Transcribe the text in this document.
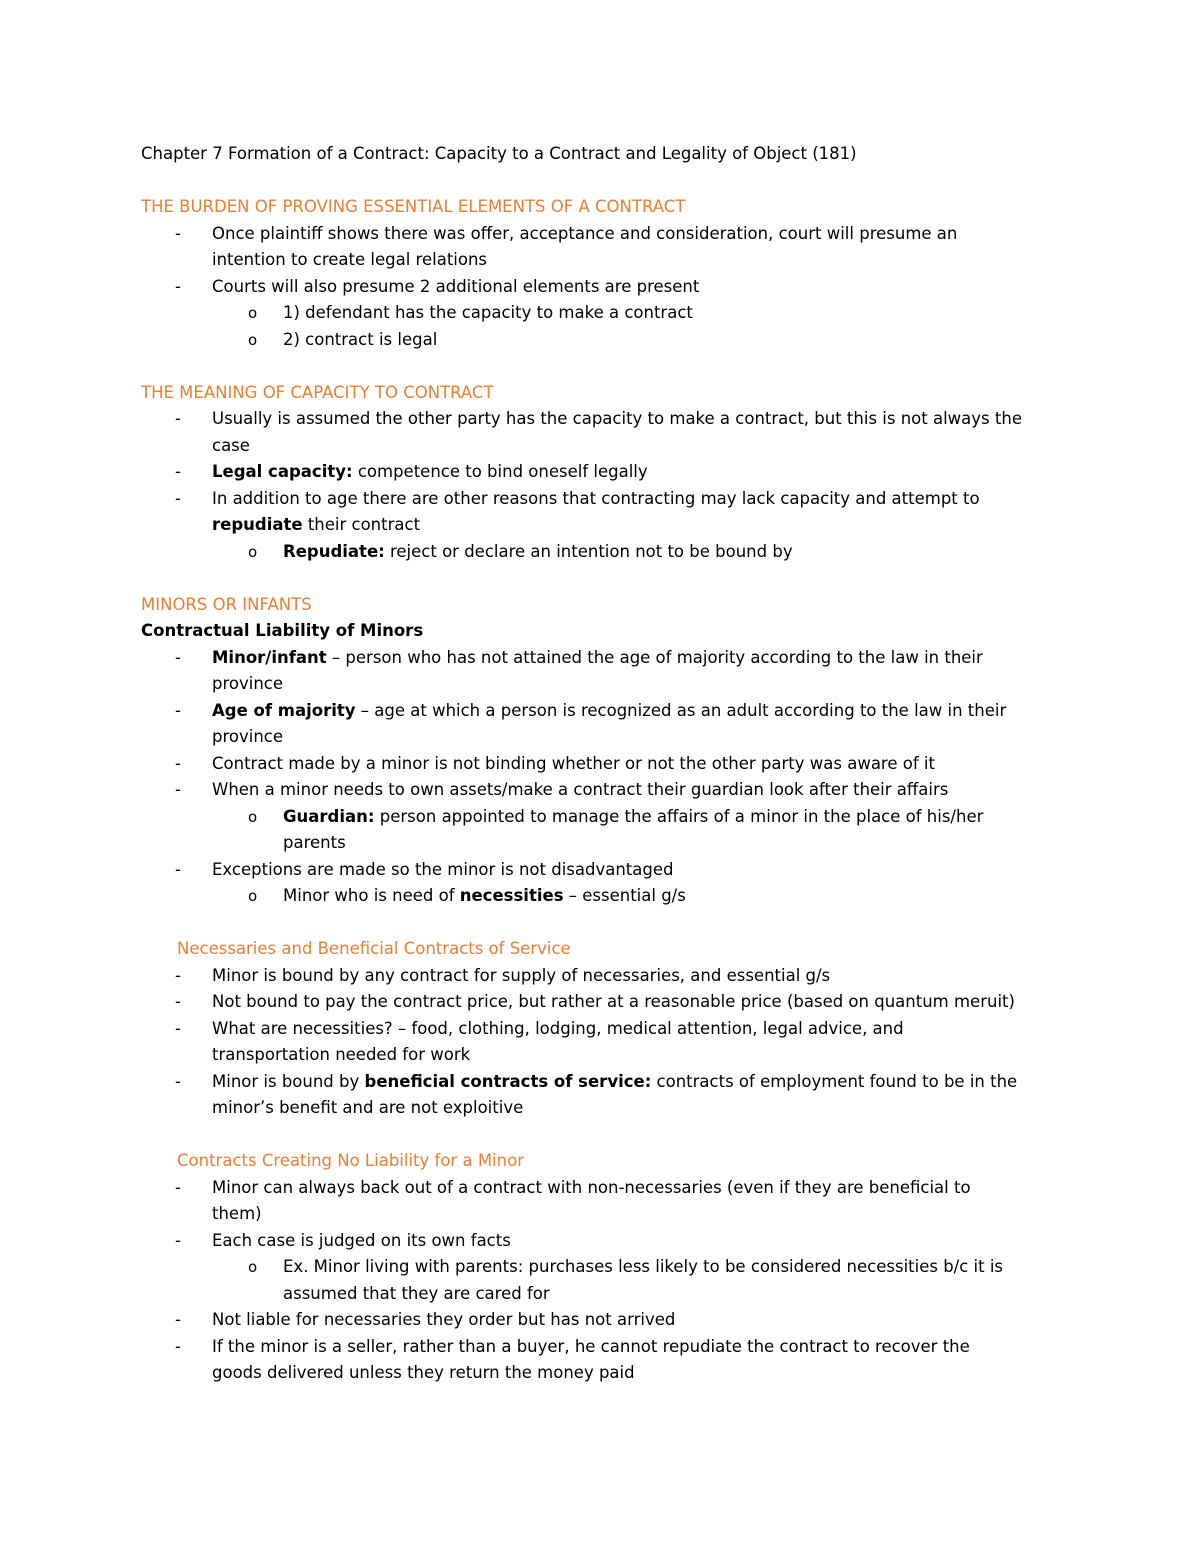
Chapter 7 Formation of a Contract: Capacity to a Contract and Legality of Object (181)

THE BURDEN OF PROVING ESSENTIAL ELEMENTS OF A CONTRACT

-	Once plaintiff shows there was offer, acceptance and consideration, court will presume an

intention to create legal relations

-	Courts will also presume 2 additional elements are present

o	1) defendant has the capacity to make a contract

o	2) contract is legal

THE MEANING OF CAPACITY TO CONTRACT

-	Usually is assumed the other party has the capacity to make a contract, but this is not always the

case

-	Legal capacity: competence to bind oneself legally

-	In addition to age there are other reasons that contracting may lack capacity and attempt to

repudiate their contract

o	Repudiate: reject or declare an intention not to be bound by

MINORS OR INFANTS

Contractual Liability of Minors

-	Minor/infant – person who has not attained the age of majority according to the law in their

province

-	Age of majority – age at which a person is recognized as an adult according to the law in their

province

-	Contract made by a minor is not binding whether or not the other party was aware of it

-	When a minor needs to own assets/make a contract their guardian look after their affairs

o	Guardian: person appointed to manage the affairs of a minor in the place of his/her

parents

-	Exceptions are made so the minor is not disadvantaged

o	Minor who is need of necessities – essential g/s

Necessaries and Beneficial Contracts of Service

-	Minor is bound by any contract for supply of necessaries, and essential g/s

-	Not bound to pay the contract price, but rather at a reasonable price (based on quantum meruit)

-	What are necessities? – food, clothing, lodging, medical attention, legal advice, and

transportation needed for work

-	Minor is bound by beneficial contracts of service: contracts of employment found to be in the

minor’s benefit and are not exploitive

Contracts Creating No Liability for a Minor

-	Minor can always back out of a contract with non-necessaries (even if they are beneficial to

them)

-	Each case is judged on its own facts

o	Ex. Minor living with parents: purchases less likely to be considered necessities b/c it is

assumed that they are cared for

-	Not liable for necessaries they order but has not arrived

-	If the minor is a seller, rather than a buyer, he cannot repudiate the contract to recover the

goods delivered unless they return the money paid
